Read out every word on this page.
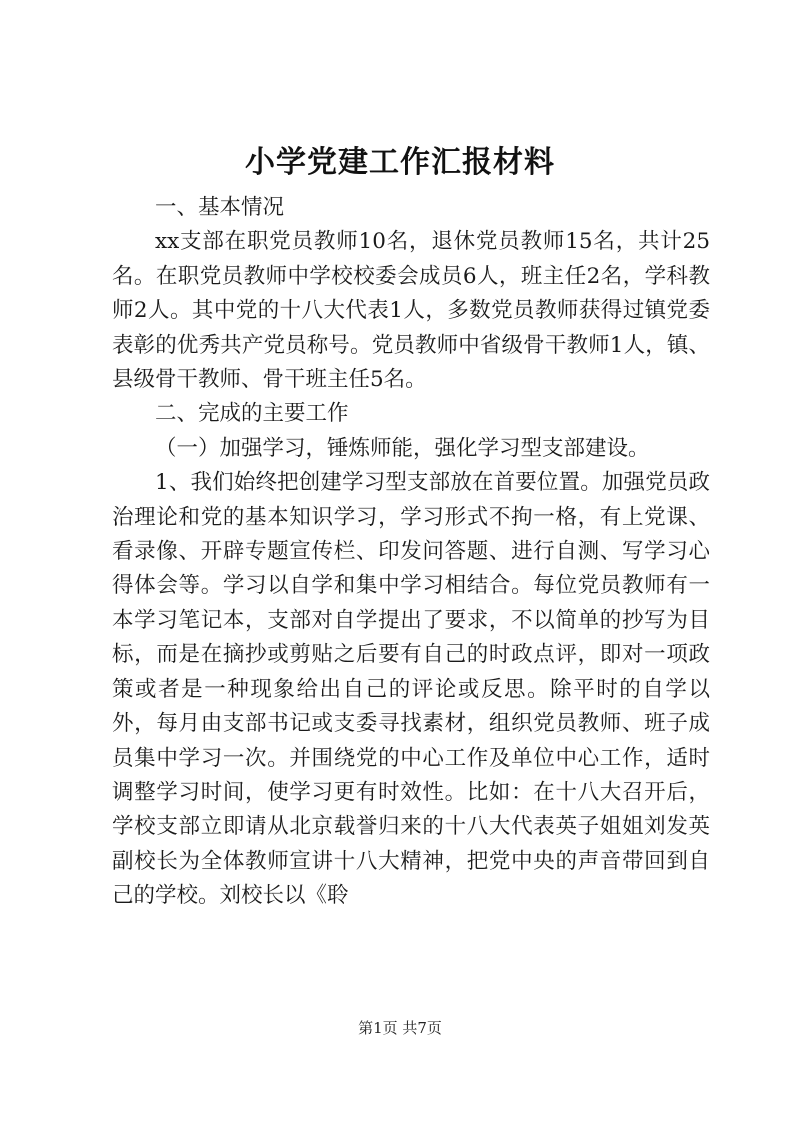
小学党建工作汇报材料

一、基本情况

xx支部在职党员教师10名，退休党员教师15名，共计25名。在职党员教师中学校校委会成员6人，班主任2名，学科教师2人。其中党的十八大代表1人，多数党员教师获得过镇党委表彰的优秀共产党员称号。党员教师中省级骨干教师1人，镇、县级骨干教师、骨干班主任5名。

二、完成的主要工作

（一）加强学习，锤炼师能，强化学习型支部建设。

1、我们始终把创建学习型支部放在首要位置。加强党员政治理论和党的基本知识学习，学习形式不拘一格，有上党课、看录像、开辟专题宣传栏、印发问答题、进行自测、写学习心得体会等。学习以自学和集中学习相结合。每位党员教师有一本学习笔记本，支部对自学提出了要求，不以简单的抄写为目标，而是在摘抄或剪贴之后要有自己的时政点评，即对一项政策或者是一种现象给出自己的评论或反思。除平时的自学以外，每月由支部书记或支委寻找素材，组织党员教师、班子成员集中学习一次。并围绕党的中心工作及单位中心工作，适时调整学习时间，使学习更有时效性。比如：在十八大召开后，学校支部立即请从北京载誉归来的十八大代表英子姐姐刘发英副校长为全体教师宣讲十八大精神，把党中央的声音带回到自己的学校。刘校长以《聆

第1页 共7页
